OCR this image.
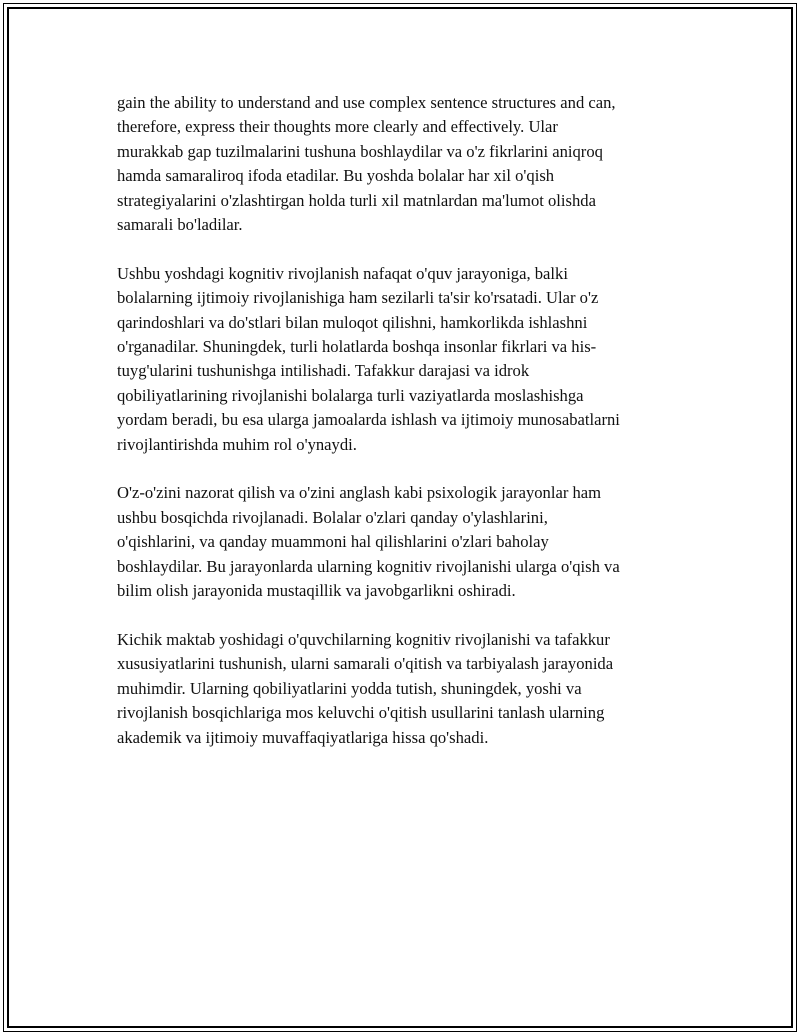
gain the ability to understand and use complex sentence structures and can,
therefore, express their thoughts more clearly and effectively. Ular
murakkab gap tuzilmalarini tushuna boshlaydilar va o'z fikrlarini aniqroq
hamda samaraliroq ifoda etadilar. Bu yoshda bolalar har xil o'qish
strategiyalarini o'zlashtirgan holda turli xil matnlardan ma'lumot olishda
samarali bo'ladilar.

Ushbu yoshdagi kognitiv rivojlanish nafaqat o'quv jarayoniga, balki
bolalarning ijtimoiy rivojlanishiga ham sezilarli ta'sir ko'rsatadi. Ular o'z
qarindoshlari va do'stlari bilan muloqot qilishni, hamkorlikda ishlashni
o'rganadilar. Shuningdek, turli holatlarda boshqa insonlar fikrlari va his-
tuyg'ularini tushunishga intilishadi. Tafakkur darajasi va idrok
qobiliyatlarining rivojlanishi bolalarga turli vaziyatlarda moslashishga
yordam beradi, bu esa ularga jamoalarda ishlash va ijtimoiy munosabatlarni
rivojlantirishda muhim rol o'ynaydi.

O'z-o'zini nazorat qilish va o'zini anglash kabi psixologik jarayonlar ham
ushbu bosqichda rivojlanadi. Bolalar o'zlari qanday o'ylashlarini,
o'qishlarini, va qanday muammoni hal qilishlarini o'zlari baholay
boshlaydilar. Bu jarayonlarda ularning kognitiv rivojlanishi ularga o'qish va
bilim olish jarayonida mustaqillik va javobgarlikni oshiradi.

Kichik maktab yoshidagi o'quvchilarning kognitiv rivojlanishi va tafakkur
xususiyatlarini tushunish, ularni samarali o'qitish va tarbiyalash jarayonida
muhimdir. Ularning qobiliyatlarini yodda tutish, shuningdek, yoshi va
rivojlanish bosqichlariga mos keluvchi o'qitish usullarini tanlash ularning
akademik va ijtimoiy muvaffaqiyatlariga hissa qo'shadi.
